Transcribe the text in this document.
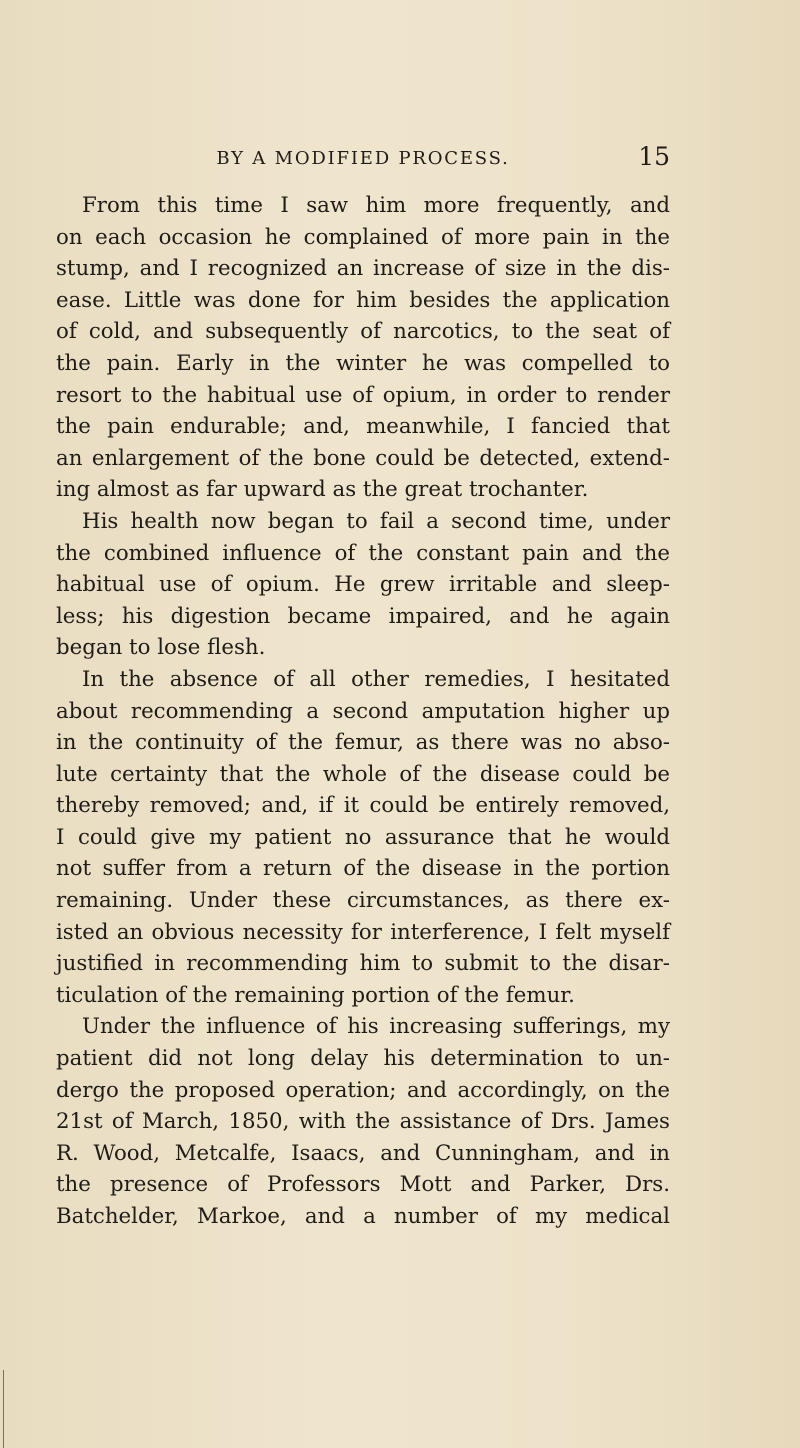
BY A MODIFIED PROCESS.	15
From this time I saw him more frequently, and
on each occasion he complained of more pain in the
stump, and I recognized an increase of size in the dis-
ease. Little was done for him besides the application
of cold, and subsequently of narcotics, to the seat of
the pain. Early in the winter he was compelled to
resort to the habitual use of opium, in order to render
the pain endurable; and, meanwhile, I fancied that
an enlargement of the bone could be detected, extend-
ing almost as far upward as the great trochanter.
His health now began to fail a second time, under
the combined influence of the constant pain and the
habitual use of opium. He grew irritable and sleep-
less; his digestion became impaired, and he again
began to lose flesh.
In the absence of all other remedies, I hesitated
about recommending a second amputation higher up
in the continuity of the femur, as there was no abso-
lute certainty that the whole of the disease could be
thereby removed; and, if it could be entirely removed,
I could give my patient no assurance that he would
not suffer from a return of the disease in the portion
remaining. Under these circumstances, as there ex-
isted an obvious necessity for interference, I felt myself
justified in recommending him to submit to the disar-
ticulation of the remaining portion of the femur.
Under the influence of his increasing sufferings, my
patient did not long delay his determination to un-
dergo the proposed operation; and accordingly, on the
21st of March, 1850, with the assistance of Drs. James
R. Wood, Metcalfe, Isaacs, and Cunningham, and in
the presence of Professors Mott and Parker, Drs.
Batchelder, Markoe, and a number of my medical
